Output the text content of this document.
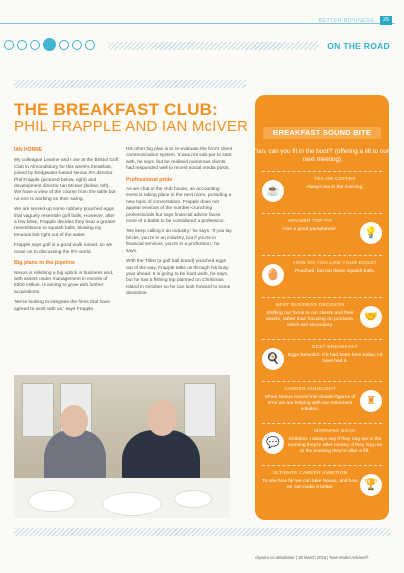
BETTER BUSINESS	25
ON THE ROAD
THE BREAKFAST CLUB:
PHIL FRAPPLE AND IAN McIVER
IAN HORNE

My colleague Leanne and I are at the Bristol Golf Club in Almondsbury for this week's breakfast, joined by Bridgwater-based Nexus IFA director Phil Frapple (pictured below, right) and development director Ian McIver (below, left). We have a view of the course from the table but no-one is working on their swing.

We are served up some rubbery poached eggs that vaguely resemble golf balls. However, after a few bites, Frapple decides they bear a greater resemblance to squash balls, blowing my tenuous link right out of the water.

Frapple says golf is a good walk ruined, so we move on to discussing the IFA world.

Big plans in the pipeline

Nexus is relishing a big uptick in business and, with assets under management in excess of £500 million, is aiming to grow with further acquisitions.

'We're looking to integrate the firms that have agreed to work with us,' says Frapple.

His other big plan is to re-evaluate the firm's client communication system. It was not sub-par to start with, he says, but he realised numerous clients had responded well to recent social media posts.

Professional pride

As we chat in the club house, an accounting event is taking place in the next room, providing a new topic of conversation. Frapple does not appear envious of the number-crunching professionals but says financial advice faces more of a battle to be considered a profession.

'We keep calling it an industry,' he says. 'If you lay bricks, you're in an industry, but if you're in financial services, you're in a profession,' he says.

With the Titlist (a golf ball brand) poached eggs out of the way, Frapple talks us through his busy year ahead. It is going to be hard work, he says, but he has a fishing trip planned on Christmas Island in October so he can look forward to some downtime.

BREAKFAST SOUND BITE
'Ian, can you fit in the boot?' (offering a lift to our next meeting)
☕
TEA OR COFFEE
Always tea in the morning.
💡
ADVISER TOP TIP
Hire a good paraplanner.
🥚
HOW DO YOU LIKE YOUR EGGS?
Poached, but not these squash balls.
🤝
BEST BUSINESS DECISION
Shifting our focus to our clients and their assets, rather than focusing on products, which are secondary.
🍳
BEST BREAKFAST
Eggs Benedict. If it had been here today, I'd have had it.
♜
CAREER HIGHLIGHT
When Nexus moved into double figures of IFAs we are helping with our retirement solution.
💬
MORNING NOAH
Children. I always say if they ring me in the morning they're after money; if they ring me in the evening they're after a lift.
🏆
ULTIMATE CAREER AMBITION
To see how far we can take Nexus, and how we can make it better.
citywire.co.uk/adviser | 30 March 2016 | New Model Adviser®
